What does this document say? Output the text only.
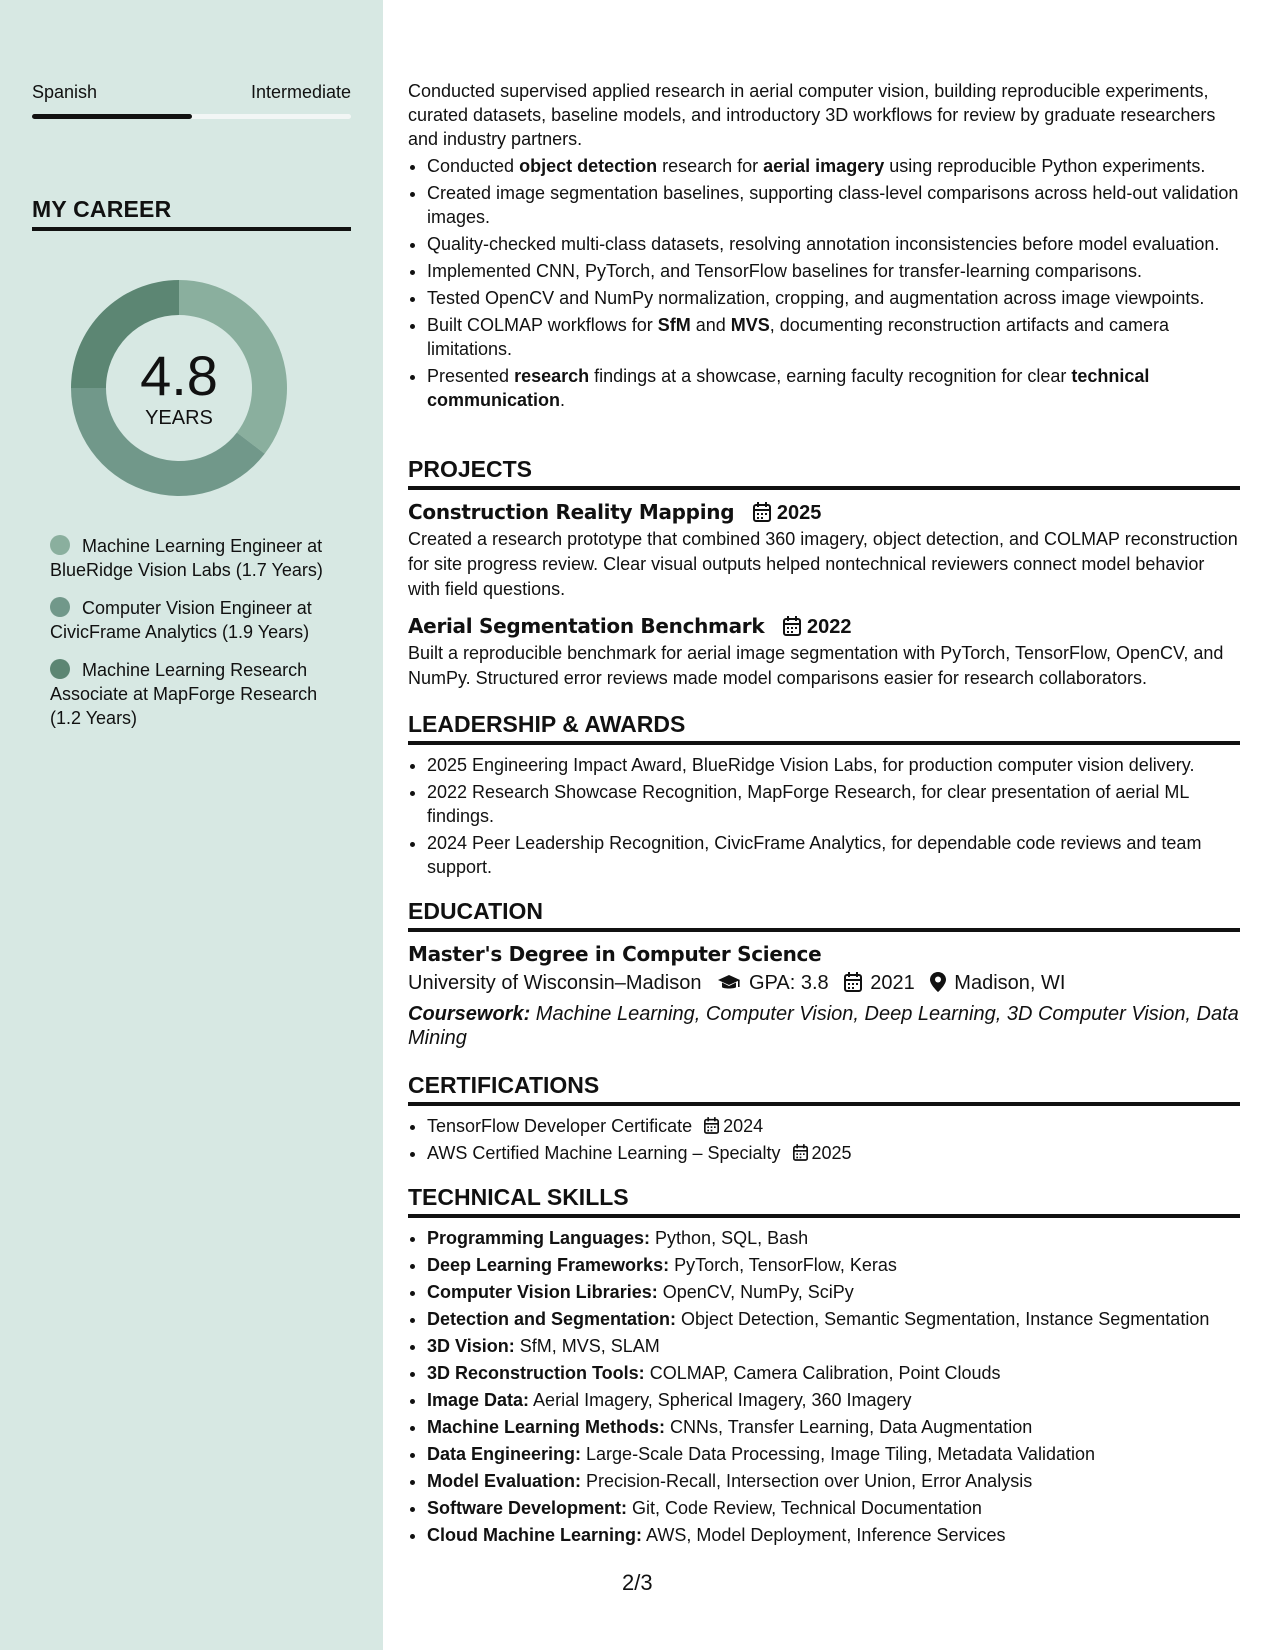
Spanish	Intermediate
MY CAREER
4.8
YEARS
Machine Learning Engineer at BlueRidge Vision Labs (1.7 Years)
Computer Vision Engineer at CivicFrame Analytics (1.9 Years)
Machine Learning Research Associate at MapForge Research (1.2 Years)

Conducted supervised applied research in aerial computer vision, building reproducible experiments, curated datasets, baseline models, and introductory 3D workflows for review by graduate researchers and industry partners.

• Conducted object detection research for aerial imagery using reproducible Python experiments.
• Created image segmentation baselines, supporting class-level comparisons across held-out validation images.
• Quality-checked multi-class datasets, resolving annotation inconsistencies before model evaluation.
• Implemented CNN, PyTorch, and TensorFlow baselines for transfer-learning comparisons.
• Tested OpenCV and NumPy normalization, cropping, and augmentation across image viewpoints.
• Built COLMAP workflows for SfM and MVS, documenting reconstruction artifacts and camera limitations.
• Presented research findings at a showcase, earning faculty recognition for clear technical communication.
PROJECTS
Construction Reality Mapping 2025

Created a research prototype that combined 360 imagery, object detection, and COLMAP reconstruction for site progress review. Clear visual outputs helped nontechnical reviewers connect model behavior with field questions.

Aerial Segmentation Benchmark 2022

Built a reproducible benchmark for aerial image segmentation with PyTorch, TensorFlow, OpenCV, and NumPy. Structured error reviews made model comparisons easier for research collaborators.

LEADERSHIP & AWARDS
• 2025 Engineering Impact Award, BlueRidge Vision Labs, for production computer vision delivery.
• 2022 Research Showcase Recognition, MapForge Research, for clear presentation of aerial ML findings.
• 2024 Peer Leadership Recognition, CivicFrame Analytics, for dependable code reviews and team support.
EDUCATION
Master's Degree in Computer Science
University of Wisconsin–Madison GPA: 3.8 2021 Madison, WI

Coursework: Machine Learning, Computer Vision, Deep Learning, 3D Computer Vision, Data Mining

CERTIFICATIONS
• TensorFlow Developer Certificate 2024
• AWS Certified Machine Learning – Specialty 2025
TECHNICAL SKILLS
• Programming Languages: Python, SQL, Bash
• Deep Learning Frameworks: PyTorch, TensorFlow, Keras
• Computer Vision Libraries: OpenCV, NumPy, SciPy
• Detection and Segmentation: Object Detection, Semantic Segmentation, Instance Segmentation
• 3D Vision: SfM, MVS, SLAM
• 3D Reconstruction Tools: COLMAP, Camera Calibration, Point Clouds
• Image Data: Aerial Imagery, Spherical Imagery, 360 Imagery
• Machine Learning Methods: CNNs, Transfer Learning, Data Augmentation
• Data Engineering: Large-Scale Data Processing, Image Tiling, Metadata Validation
• Model Evaluation: Precision-Recall, Intersection over Union, Error Analysis
• Software Development: Git, Code Review, Technical Documentation
• Cloud Machine Learning: AWS, Model Deployment, Inference Services
2/3
